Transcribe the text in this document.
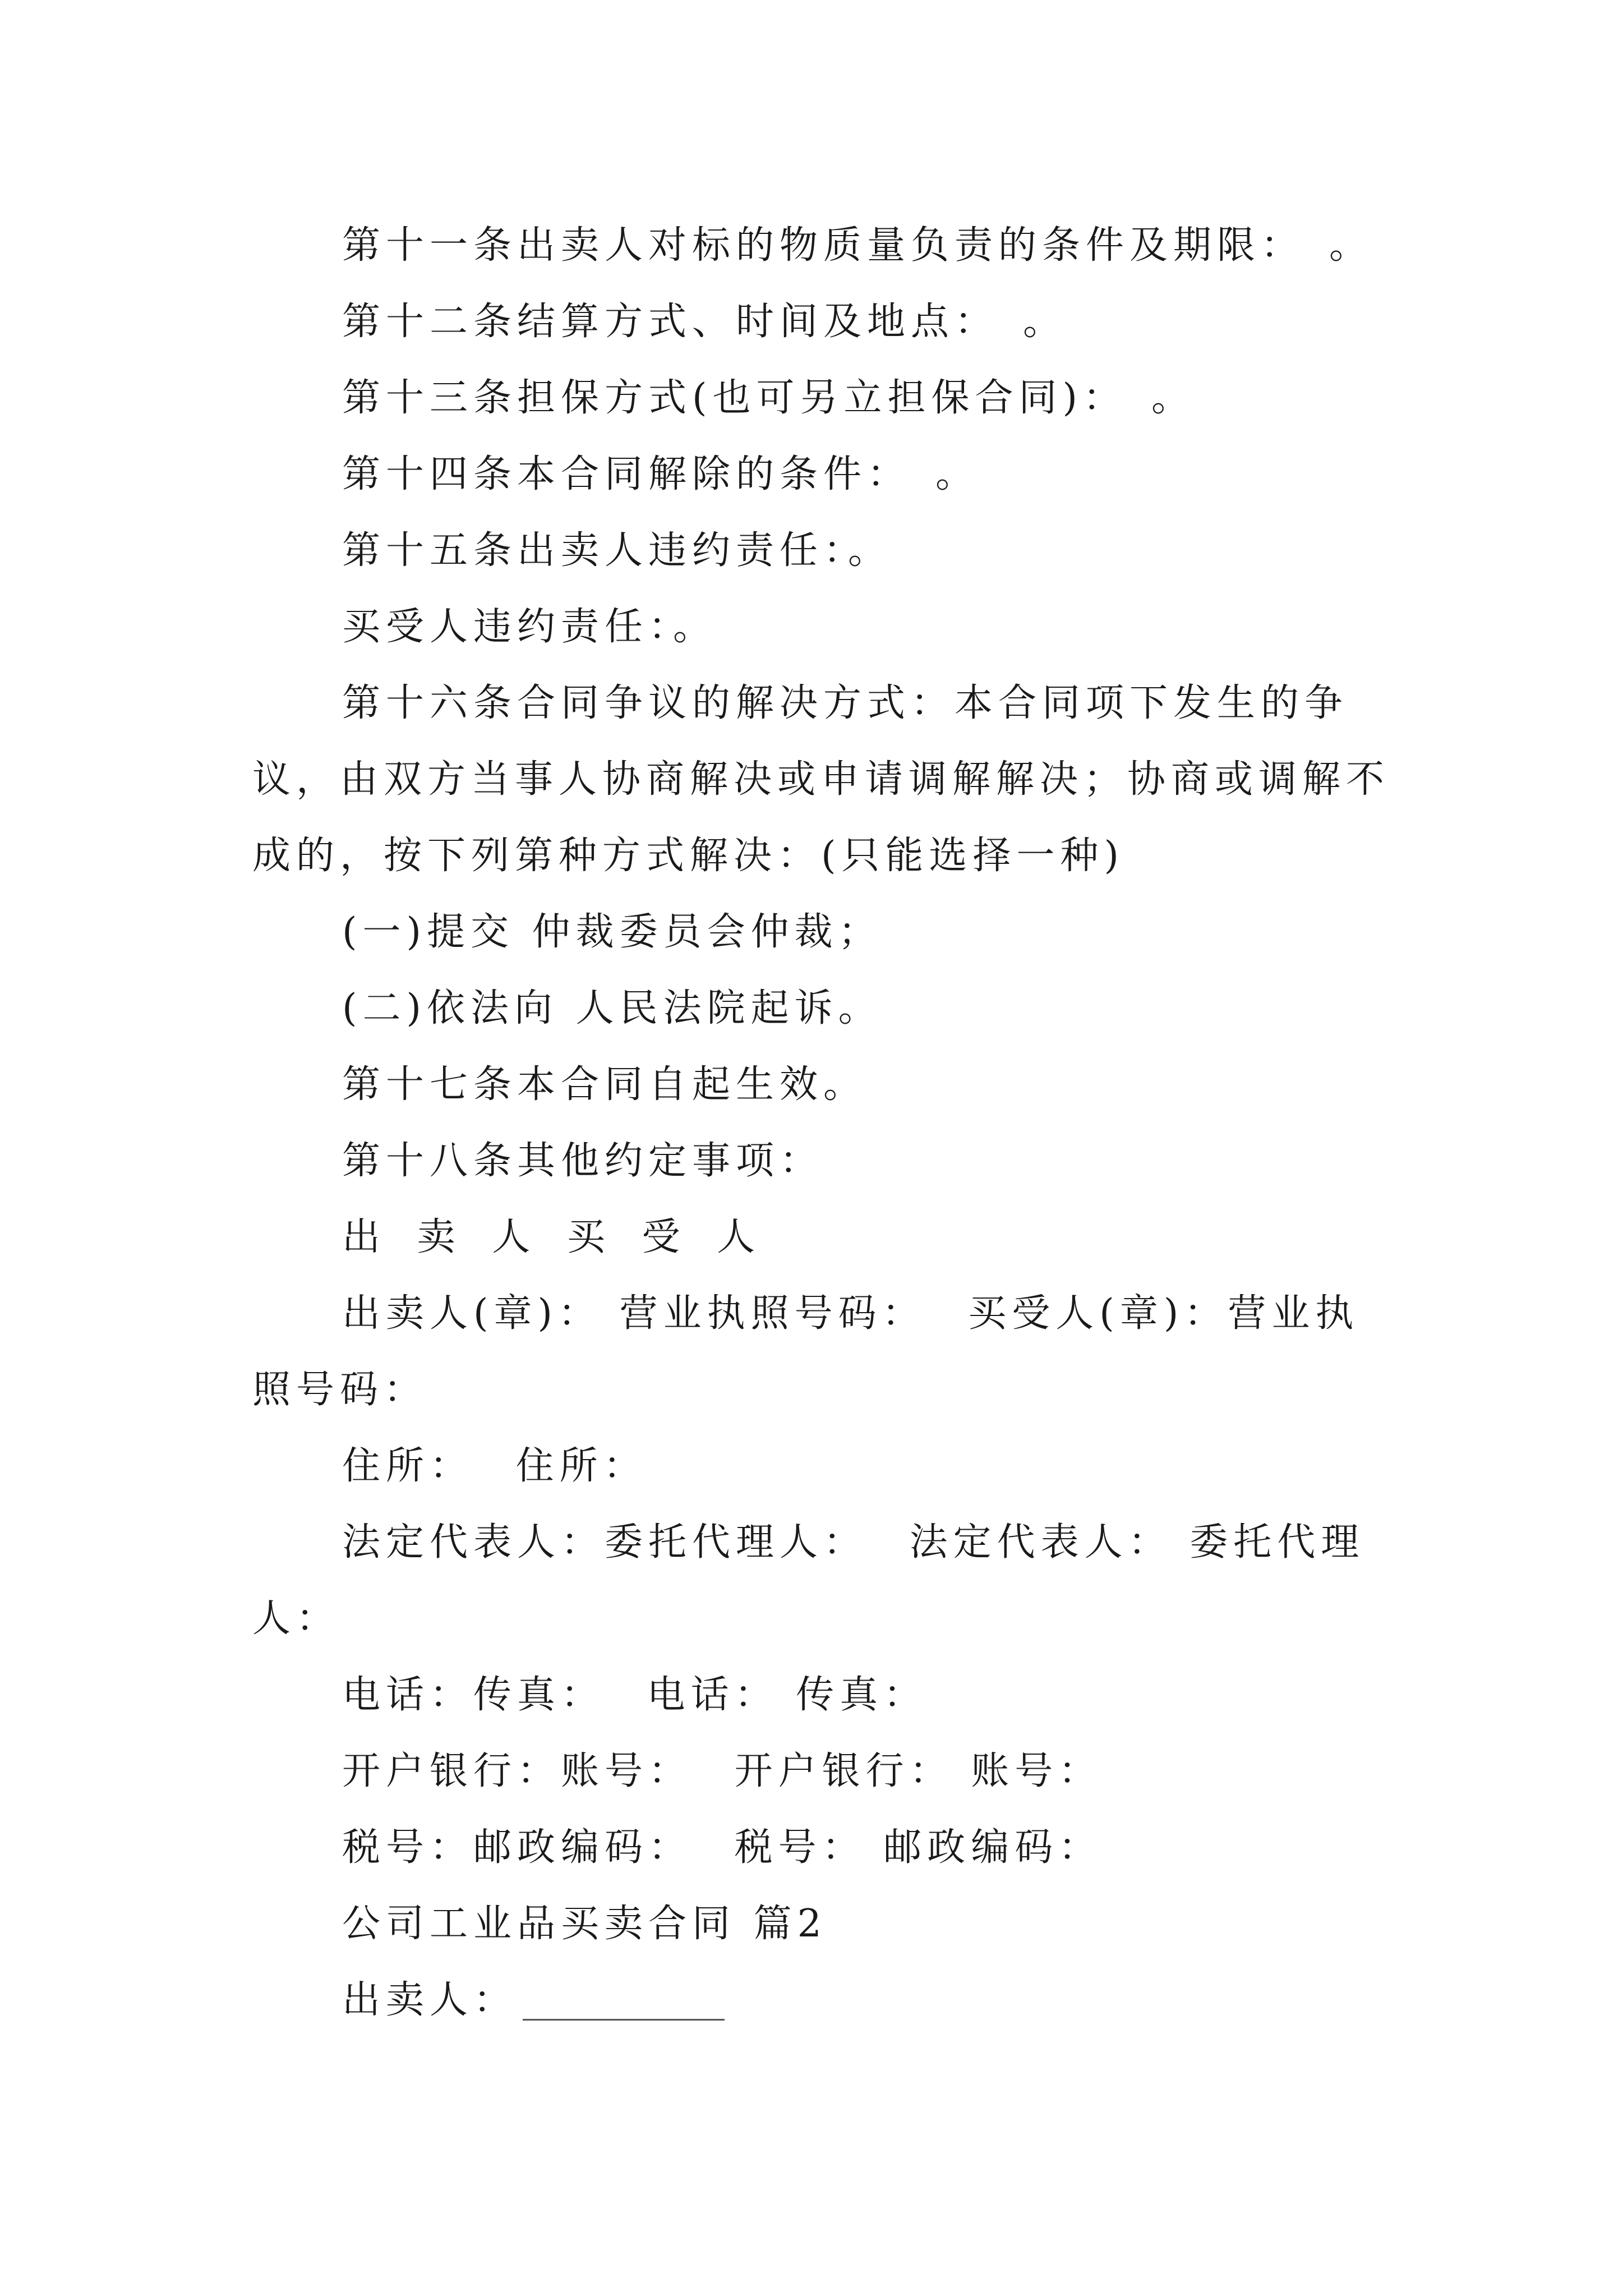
第十一条出卖人对标的物质量负责的条件及期限：　。

第十二条结算方式、时间及地点：　。

第十三条担保方式(也可另立担保合同)：　。

第十四条本合同解除的条件：　。

第十五条出卖人违约责任：。

买受人违约责任：。

第十六条合同争议的解决方式：本合同项下发生的争议，由双方当事人协商解决或申请调解解决；协商或调解不成的，按下列第种方式解决：(只能选择一种)

(一)提交 仲裁委员会仲裁；

(二)依法向 人民法院起诉。

第十七条本合同自起生效。

第十八条其他约定事项：

出 卖 人 买 受 人

出卖人(章)： 营业执照号码：　 买受人(章)：营业执照号码：

住所：　 住所：

法定代表人：委托代理人：　 法定代表人： 委托代理人：

电话：传真：　 电话： 传真：

开户银行：账号：　 开户银行： 账号：

税号：邮政编码：　 税号： 邮政编码：

公司工业品买卖合同 篇2

出卖人：
